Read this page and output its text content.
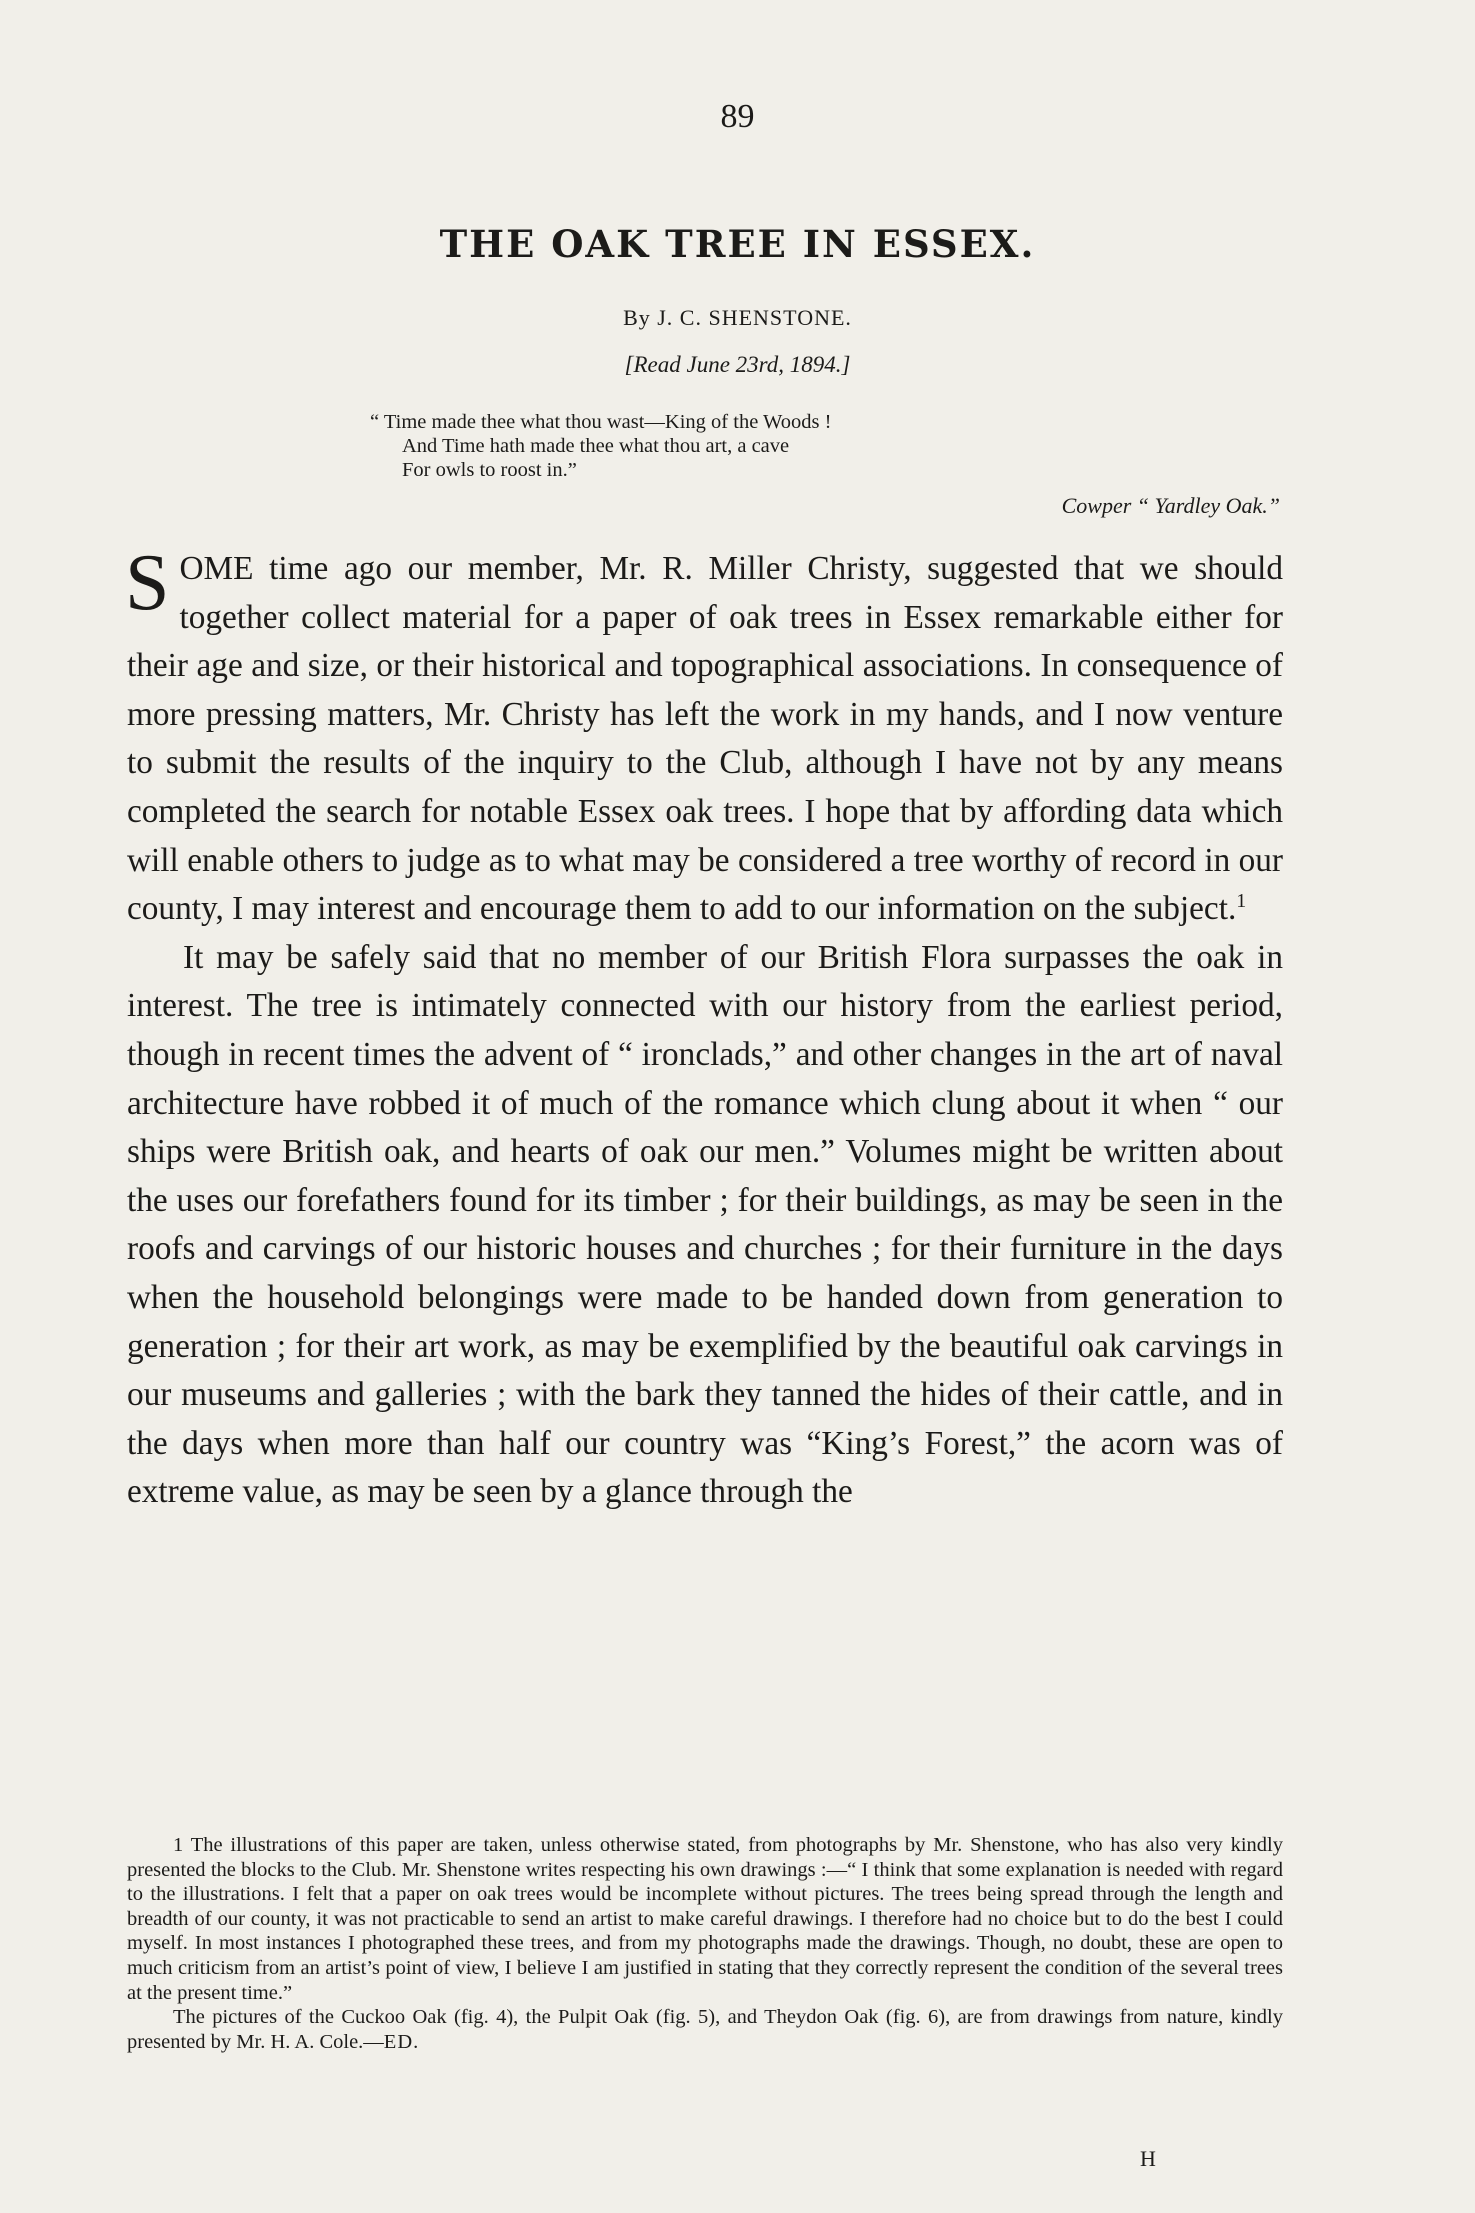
89
THE OAK TREE IN ESSEX.
By J. C. SHENSTONE.
[Read June 23rd, 1894.]
“ Time made thee what thou wast—King of the Woods !
And Time hath made thee what thou art, a cave
For owls to roost in.”
Cowper “ Yardley Oak.”

SOME time ago our member, Mr. R. Miller Christy, suggested that we should together collect material for a paper of oak trees in Essex remarkable either for their age and size, or their historical and topographical associations. In consequence of more pressing matters, Mr. Christy has left the work in my hands, and I now venture to submit the results of the inquiry to the Club, although I have not by any means completed the search for notable Essex oak trees. I hope that by affording data which will enable others to judge as to what may be considered a tree worthy of record in our county, I may interest and encourage them to add to our information on the subject.$^1$

It may be safely said that no member of our British Flora surpasses the oak in interest. The tree is intimately connected with our history from the earliest period, though in recent times the advent of “ ironclads,” and other changes in the art of naval architecture have robbed it of much of the romance which clung about it when “ our ships were British oak, and hearts of oak our men.” Volumes might be written about the uses our forefathers found for its timber ; for their buildings, as may be seen in the roofs and carvings of our historic houses and churches ; for their furniture in the days when the household belongings were made to be handed down from generation to generation ; for their art work, as may be exemplified by the beautiful oak carvings in our museums and galleries ; with the bark they tanned the hides of their cattle, and in the days when more than half our country was “King’s Forest,” the acorn was of extreme value, as may be seen by a glance through the

1 The illustrations of this paper are taken, unless otherwise stated, from photographs by Mr. Shenstone, who has also very kindly presented the blocks to the Club. Mr. Shenstone writes respecting his own drawings :—“ I think that some explanation is needed with regard to the illustrations. I felt that a paper on oak trees would be incomplete without pictures. The trees being spread through the length and breadth of our county, it was not practicable to send an artist to make careful drawings. I therefore had no choice but to do the best I could myself. In most instances I photographed these trees, and from my photographs made the drawings. Though, no doubt, these are open to much criticism from an artist’s point of view, I believe I am justified in stating that they correctly represent the condition of the several trees at the present time.”

The pictures of the Cuckoo Oak (fig. 4), the Pulpit Oak (fig. 5), and Theydon Oak (fig. 6), are from drawings from nature, kindly presented by Mr. H. A. Cole.—ED.

H
